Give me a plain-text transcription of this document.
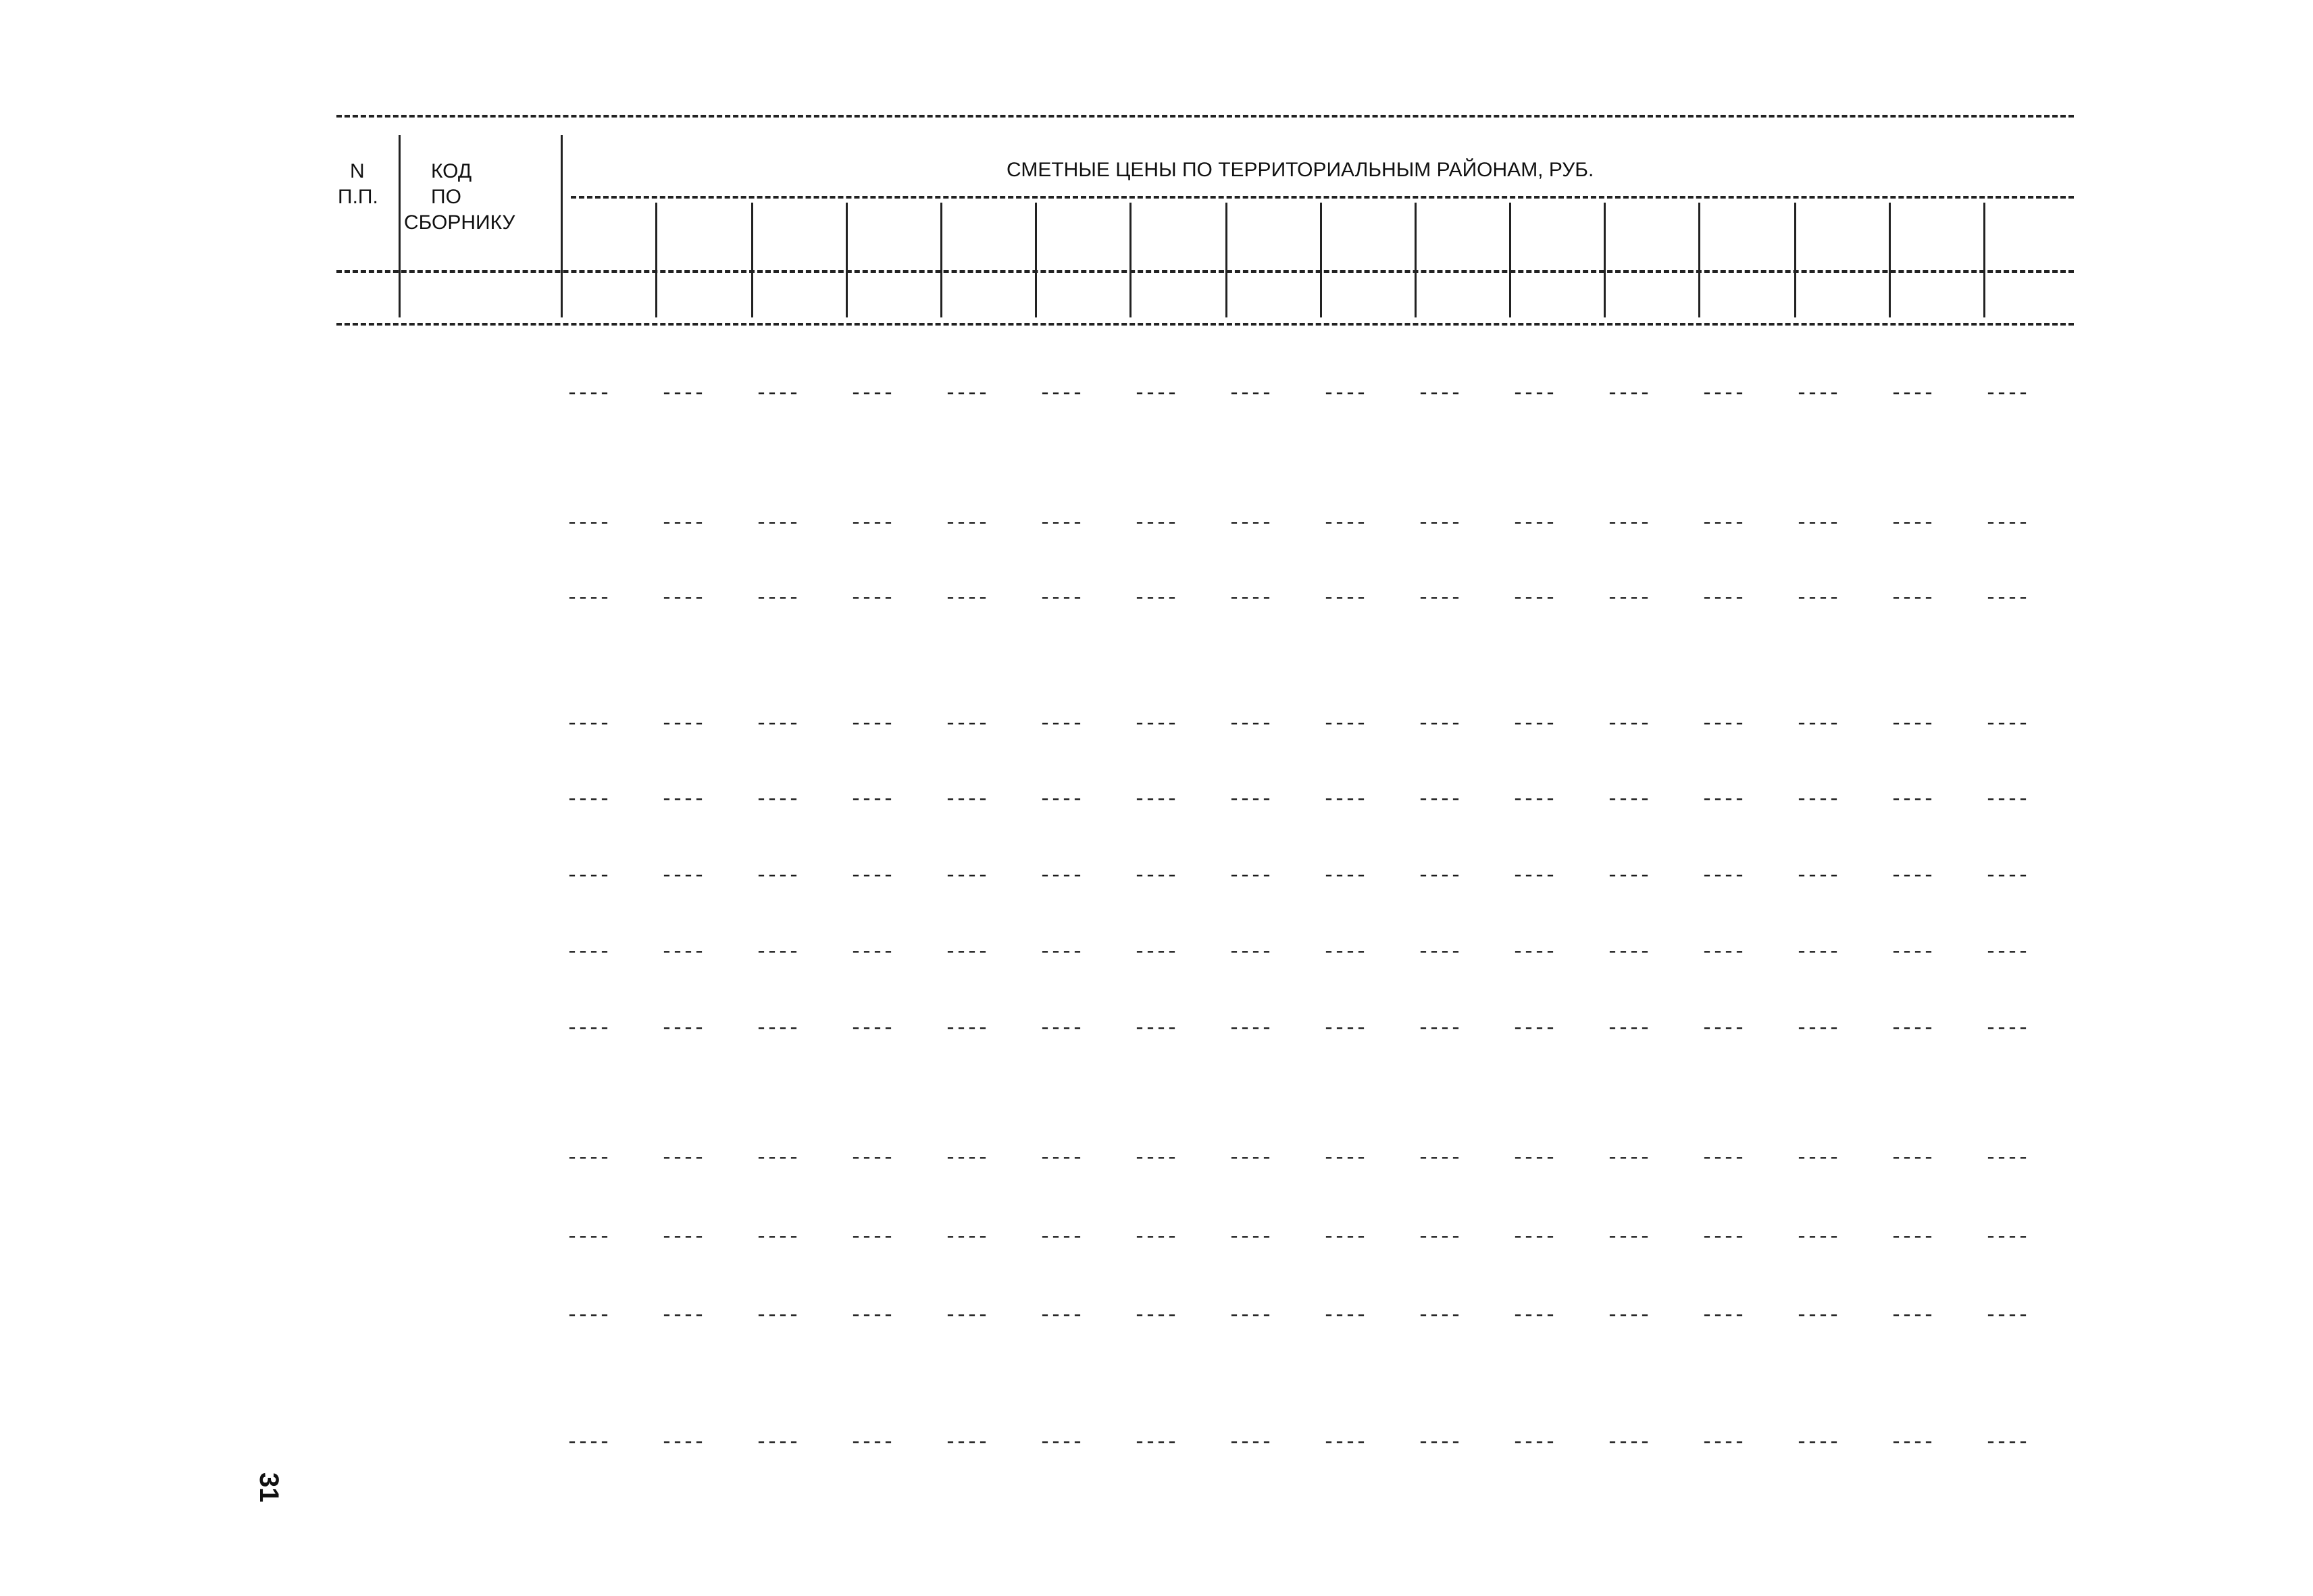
N
П.П.
КОД
ПО
СБОРНИКУ
СМЕТНЫЕ ЦЕНЫ ПО ТЕРРИТОРИАЛЬНЫМ РАЙОНАМ, РУБ.
----	----	----	----	----	----	----	----	----	----	----	----	----	----	----	----
----	----	----	----	----	----	----	----	----	----	----	----	----	----	----	----
----	----	----	----	----	----	----	----	----	----	----	----	----	----	----	----
----	----	----	----	----	----	----	----	----	----	----	----	----	----	----	----
----	----	----	----	----	----	----	----	----	----	----	----	----	----	----	----
----	----	----	----	----	----	----	----	----	----	----	----	----	----	----	----
----	----	----	----	----	----	----	----	----	----	----	----	----	----	----	----
----	----	----	----	----	----	----	----	----	----	----	----	----	----	----	----
----	----	----	----	----	----	----	----	----	----	----	----	----	----	----	----
----	----	----	----	----	----	----	----	----	----	----	----	----	----	----	----
----	----	----	----	----	----	----	----	----	----	----	----	----	----	----	----
----	----	----	----	----	----	----	----	----	----	----	----	----	----	----	----
31
